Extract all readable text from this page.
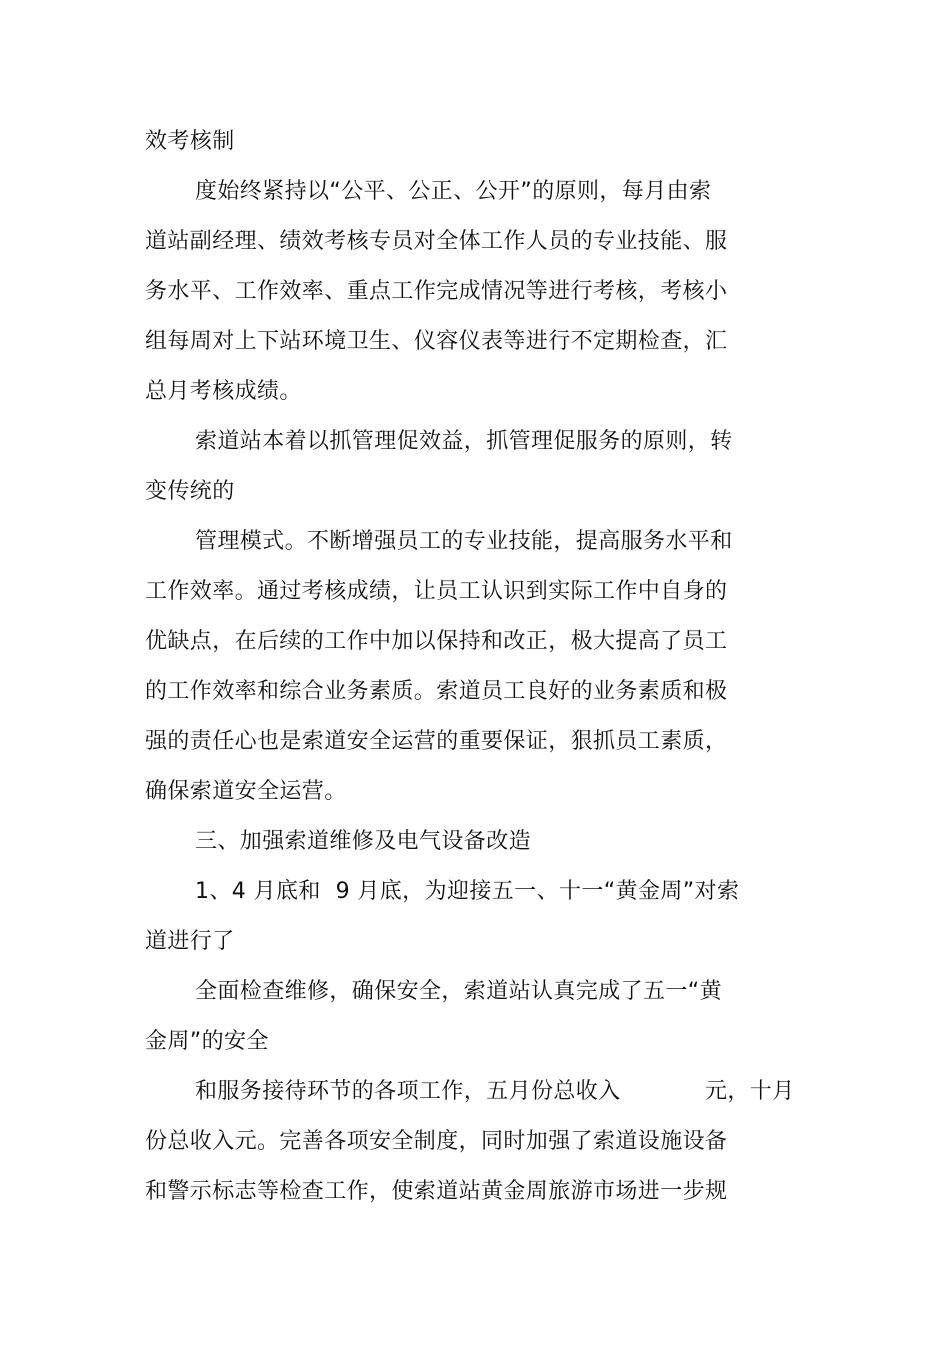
效考核制
度始终紧持以“公平、公正、公开”的原则，每月由索
道站副经理、绩效考核专员对全体工作人员的专业技能、服
务水平、工作效率、重点工作完成情况等进行考核，考核小
组每周对上下站环境卫生、仪容仪表等进行不定期检查，汇
总月考核成绩。
索道站本着以抓管理促效益，抓管理促服务的原则，转
变传统的
管理模式。不断增强员工的专业技能，提高服务水平和
工作效率。通过考核成绩，让员工认识到实际工作中自身的
优缺点，在后续的工作中加以保持和改正，极大提高了员工
的工作效率和综合业务素质。索道员工良好的业务素质和极
强的责任心也是索道安全运营的重要保证，狠抓员工素质，
确保索道安全运营。
三、加强索道维修及电气设备改造
1、4 月底和  9 月底，为迎接五一、十一“黄金周”对索
道进行了
全面检查维修，确保安全，索道站认真完成了五一“黄
金周”的安全
和服务接待环节的各项工作，五月份总收入	元，十月
份总收入元。完善各项安全制度，同时加强了索道设施设备
和警示标志等检查工作，使索道站黄金周旅游市场进一步规
